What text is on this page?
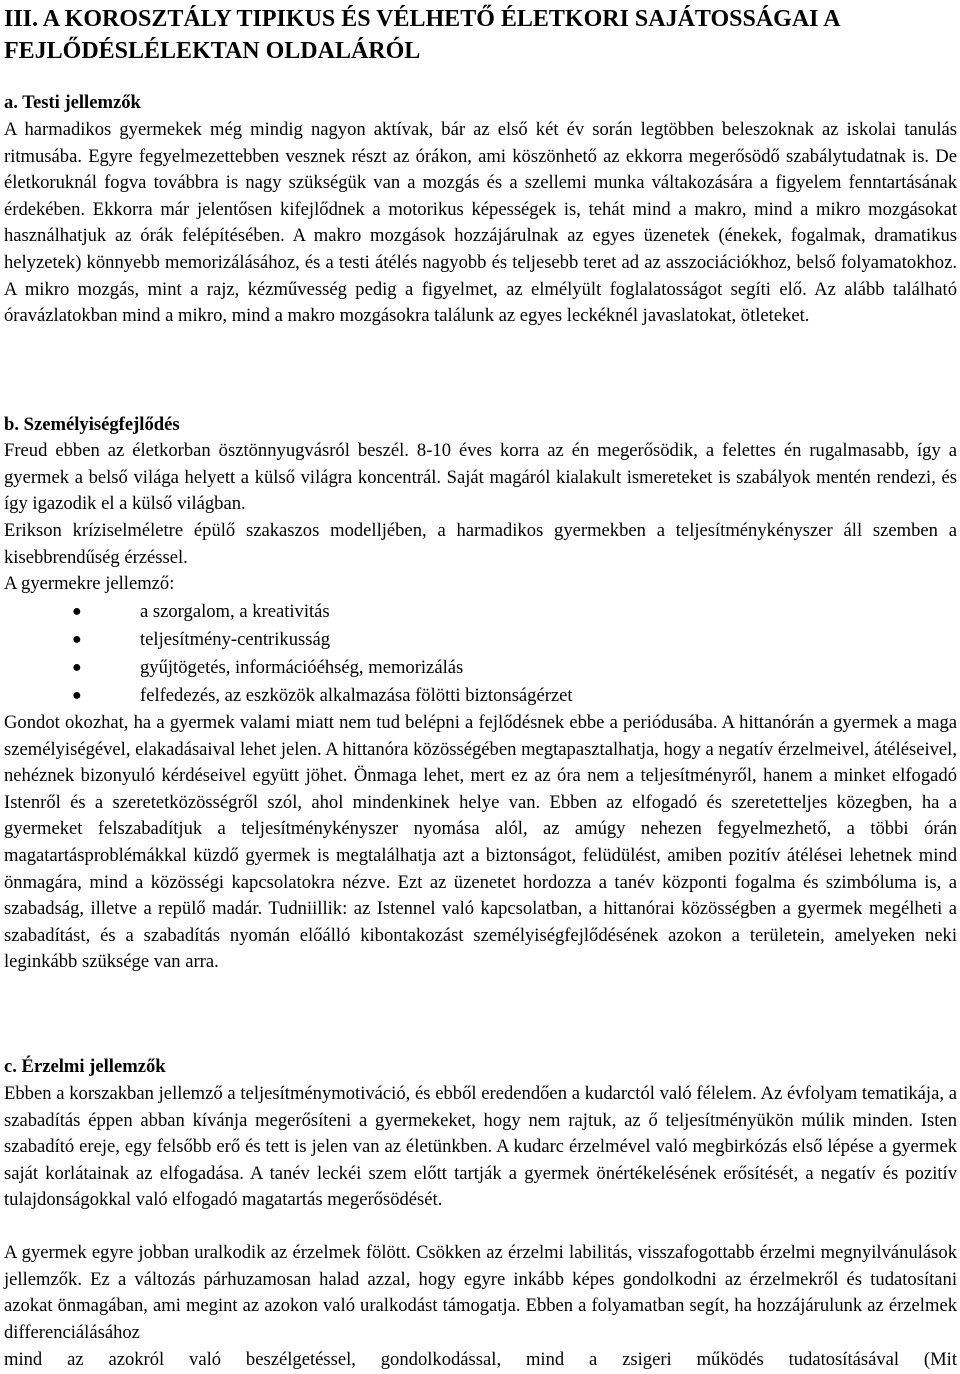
III. A KOROSZTÁLY TIPIKUS ÉS VÉLHETŐ ÉLETKORI SAJÁTOSSÁGAI A FEJLŐDÉSLÉLEKTAN OLDALÁRÓL
a. Testi jellemzők

A harmadikos gyermekek még mindig nagyon aktívak, bár az első két év során legtöbben beleszoknak az iskolai tanulás ritmusába. Egyre fegyelmezettebben vesznek részt az órákon, ami köszönhető az ekkorra megerősödő szabálytudatnak is. De életkoruknál fogva továbbra is nagy szükségük van a mozgás és a szellemi munka váltakozására a figyelem fenntartásának érdekében. Ekkorra már jelentősen kifejlődnek a motorikus képességek is, tehát mind a makro, mind a mikro mozgásokat használhatjuk az órák felépítésében. A makro mozgások hozzájárulnak az egyes üzenetek (énekek, fogalmak, dramatikus helyzetek) könnyebb memorizálásához, és a testi átélés nagyobb és teljesebb teret ad az asszociációkhoz, belső folyamatokhoz. A mikro mozgás, mint a rajz, kézművesség pedig a figyelmet, az elmélyült foglalatosságot segíti elő. Az alább található óravázlatokban mind a mikro, mind a makro mozgásokra találunk az egyes leckéknél javaslatokat, ötleteket.

b. Személyiségfejlődés

Freud ebben az életkorban ösztönnyugvásról beszél. 8-10 éves korra az én megerősödik, a felettes én rugalmasabb, így a gyermek a belső világa helyett a külső világra koncentrál. Saját magáról kialakult ismereteket is szabályok mentén rendezi, és így igazodik el a külső világban.

Erikson kríziselméletre épülő szakaszos modelljében, a harmadikos gyermekben a teljesítménykényszer áll szemben a kisebbrendűség érzéssel.

A gyermekre jellemző:
●	a szorgalom, a kreativitás
●	teljesítmény-centrikusság
●	gyűjtögetés, információéhség, memorizálás
●	felfedezés, az eszközök alkalmazása fölötti biztonságérzet

Gondot okozhat, ha a gyermek valami miatt nem tud belépni a fejlődésnek ebbe a periódusába. A hittanórán a gyermek a maga személyiségével, elakadásaival lehet jelen. A hittanóra közösségében megtapasztalhatja, hogy a negatív érzelmeivel, átéléseivel, nehéznek bizonyuló kérdéseivel együtt jöhet. Önmaga lehet, mert ez az óra nem a teljesítményről, hanem a minket elfogadó Istenről és a szeretetközösségről szól, ahol mindenkinek helye van. Ebben az elfogadó és szeretetteljes közegben, ha a gyermeket felszabadítjuk a teljesítménykényszer nyomása alól, az amúgy nehezen fegyelmezhető, a többi órán magatartásproblémákkal küzdő gyermek is megtalálhatja azt a biztonságot, felüdülést, amiben pozitív átélései lehetnek mind önmagára, mind a közösségi kapcsolatokra nézve. Ezt az üzenetet hordozza a tanév központi fogalma és szimbóluma is, a szabadság, illetve a repülő madár. Tudniillik: az Istennel való kapcsolatban, a hittanórai közösségben a gyermek megélheti a szabadítást, és a szabadítás nyomán előálló kibontakozást személyiségfejlődésének azokon a területein, amelyeken neki leginkább szüksége van arra.

c. Érzelmi jellemzők

Ebben a korszakban jellemző a teljesítménymotiváció, és ebből eredendően a kudarctól való félelem. Az évfolyam tematikája, a szabadítás éppen abban kívánja megerősíteni a gyermekeket, hogy nem rajtuk, az ő teljesítményükön múlik minden. Isten szabadító ereje, egy felsőbb erő és tett is jelen van az életünkben. A kudarc érzelmével való megbirkózás első lépése a gyermek saját korlátainak az elfogadása. A tanév leckéi szem előtt tartják a gyermek önértékelésének erősítését, a negatív és pozitív tulajdonságokkal való elfogadó magatartás megerősödését.

A gyermek egyre jobban uralkodik az érzelmek fölött. Csökken az érzelmi labilitás, visszafogottabb érzelmi megnyilvánulások jellemzők. Ez a változás párhuzamosan halad azzal, hogy egyre inkább képes gondolkodni az érzelmekről és tudatosítani azokat önmagában, ami megint az azokon való uralkodást támogatja. Ebben a folyamatban segít, ha hozzájárulunk az érzelmek differenciálásához

mind az azokról való beszélgetéssel, gondolkodással, mind a zsigeri működés tudatosításával (Mit
